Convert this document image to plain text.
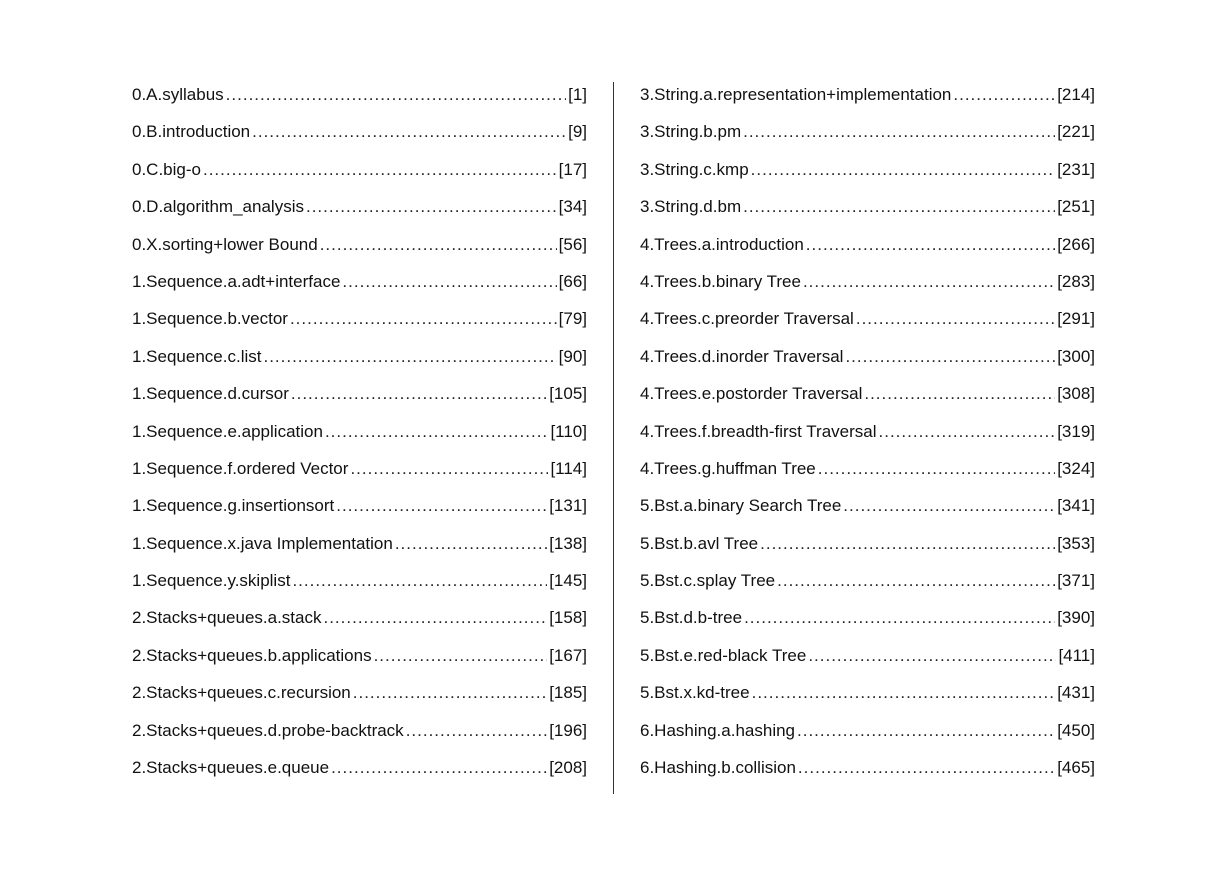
0.A.syllabus .....	[1]
0.B.introduction .....	[9]
0.C.big-o .....	[17]
0.D.algorithm_analysis .....	[34]
0.X.sorting+lower Bound .....	[56]
1.Sequence.a.adt+interface .....	[66]
1.Sequence.b.vector .....	[79]
1.Sequence.c.list .....	[90]
1.Sequence.d.cursor .....	[105]
1.Sequence.e.application .....	[110]
1.Sequence.f.ordered Vector .....	[114]
1.Sequence.g.insertionsort .....	[131]
1.Sequence.x.java Implementation .....	[138]
1.Sequence.y.skiplist .....	[145]
2.Stacks+queues.a.stack .....	[158]
2.Stacks+queues.b.applications .....	[167]
2.Stacks+queues.c.recursion .....	[185]
2.Stacks+queues.d.probe-backtrack .....	[196]
2.Stacks+queues.e.queue .....	[208]
3.String.a.representation+implementation .....	[214]
3.String.b.pm .....	[221]
3.String.c.kmp .....	[231]
3.String.d.bm .....	[251]
4.Trees.a.introduction .....	[266]
4.Trees.b.binary Tree .....	[283]
4.Trees.c.preorder Traversal .....	[291]
4.Trees.d.inorder Traversal .....	[300]
4.Trees.e.postorder Traversal .....	[308]
4.Trees.f.breadth-first Traversal .....	[319]
4.Trees.g.huffman Tree .....	[324]
5.Bst.a.binary Search Tree .....	[341]
5.Bst.b.avl Tree .....	[353]
5.Bst.c.splay Tree .....	[371]
5.Bst.d.b-tree .....	[390]
5.Bst.e.red-black Tree .....	[411]
5.Bst.x.kd-tree .....	[431]
6.Hashing.a.hashing .....	[450]
6.Hashing.b.collision .....	[465]
